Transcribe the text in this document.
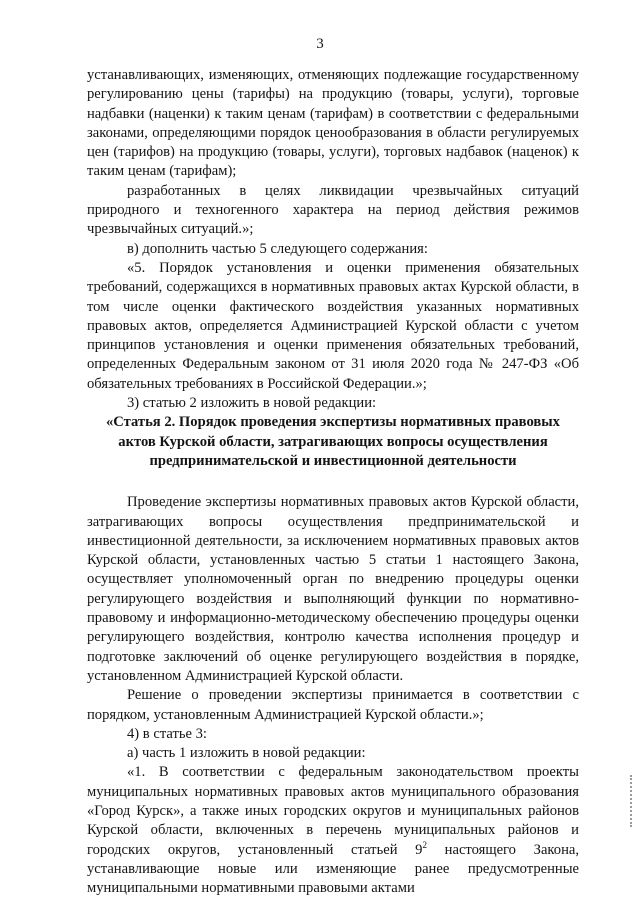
3

устанавливающих, изменяющих, отменяющих подлежащие государственному регулированию цены (тарифы) на продукцию (товары, услуги), торговые надбавки (наценки) к таким ценам (тарифам) в соответствии с федеральными законами, определяющими порядок ценообразования в области регулируемых цен (тарифов) на продукцию (товары, услуги), торговых надбавок (наценок) к таким ценам (тарифам);

разработанных в целях ликвидации чрезвычайных ситуаций природного и техногенного характера на период действия режимов чрезвычайных ситуаций.»;

в) дополнить частью 5 следующего содержания:

«5. Порядок установления и оценки применения обязательных требований, содержащихся в нормативных правовых актах Курской области, в том числе оценки фактического воздействия указанных нормативных правовых актов, определяется Администрацией Курской области с учетом принципов установления и оценки применения обязательных требований, определенных Федеральным законом от 31 июля 2020 года № 247-ФЗ «Об обязательных требованиях в Российской Федерации.»;

3) статью 2 изложить в новой редакции:

«Статья 2. Порядок проведения экспертизы нормативных правовых актов Курской области, затрагивающих вопросы осуществления предпринимательской и инвестиционной деятельности

Проведение экспертизы нормативных правовых актов Курской области, затрагивающих вопросы осуществления предпринимательской и инвестиционной деятельности, за исключением нормативных правовых актов Курской области, установленных частью 5 статьи 1 настоящего Закона, осуществляет уполномоченный орган по внедрению процедуры оценки регулирующего воздействия и выполняющий функции по нормативно-правовому и информационно-методическому обеспечению процедуры оценки регулирующего воздействия, контролю качества исполнения процедур и подготовке заключений об оценке регулирующего воздействия в порядке, установленном Администрацией Курской области.

Решение о проведении экспертизы принимается в соответствии с порядком, установленным Администрацией Курской области.»;

4) в статье 3:

а) часть 1 изложить в новой редакции:

«1. В соответствии с федеральным законодательством проекты муниципальных нормативных правовых актов муниципального образования «Город Курск», а также иных городских округов и муниципальных районов Курской области, включенных в перечень муниципальных районов и городских округов, установленный статьей $9^2$ настоящего Закона, устанавливающие новые или изменяющие ранее предусмотренные муниципальными нормативными правовыми актами
